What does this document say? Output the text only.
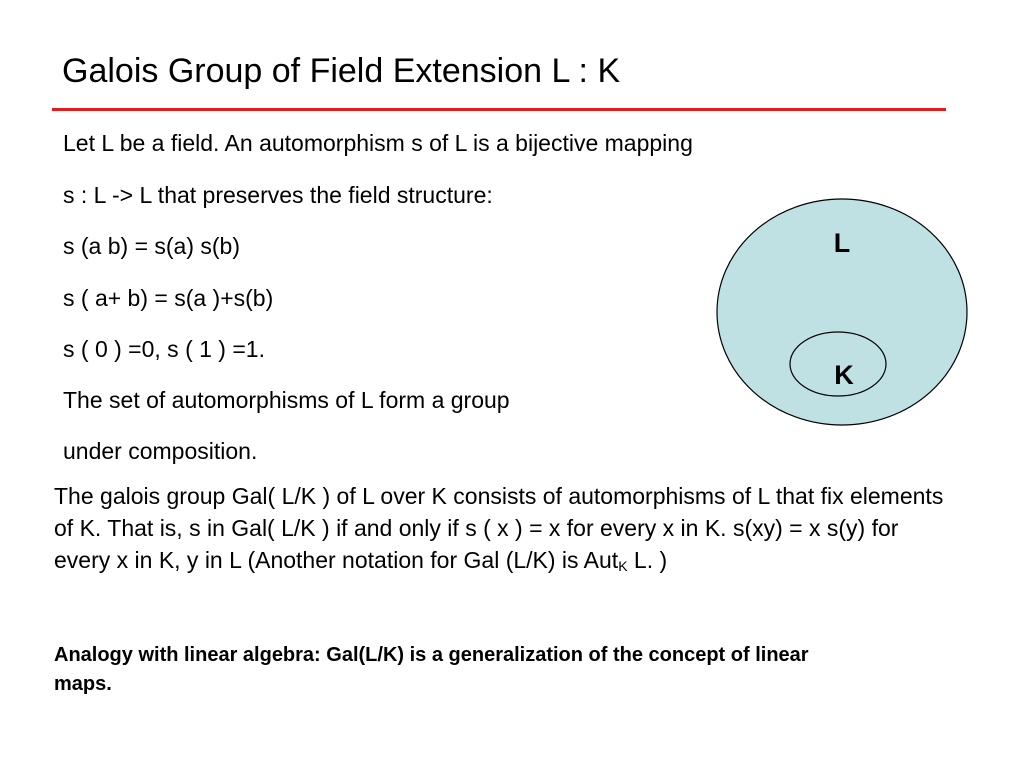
Galois Group of Field Extension L : K
Let L be a field. An automorphism s of L is a bijective mapping
s : L -> L that preserves the field structure:
s (a b) = s(a) s(b)
s ( a+ b) = s(a )+s(b)
s ( 0 ) =0, s ( 1 ) =1.
The set of automorphisms of L form a group
under composition.
L
K

The galois group Gal( L/K ) of L over K consists of automorphisms of L that fix elements of K. That is, s in Gal( L/K ) if and only if s ( x ) = x for every x in K. s(xy) = x s(y) for every x in K, y in L (Another notation for Gal (L/K) is Aut$_K$ L. )

Analogy with linear algebra: Gal(L/K) is a generalization of the concept of linear maps.
